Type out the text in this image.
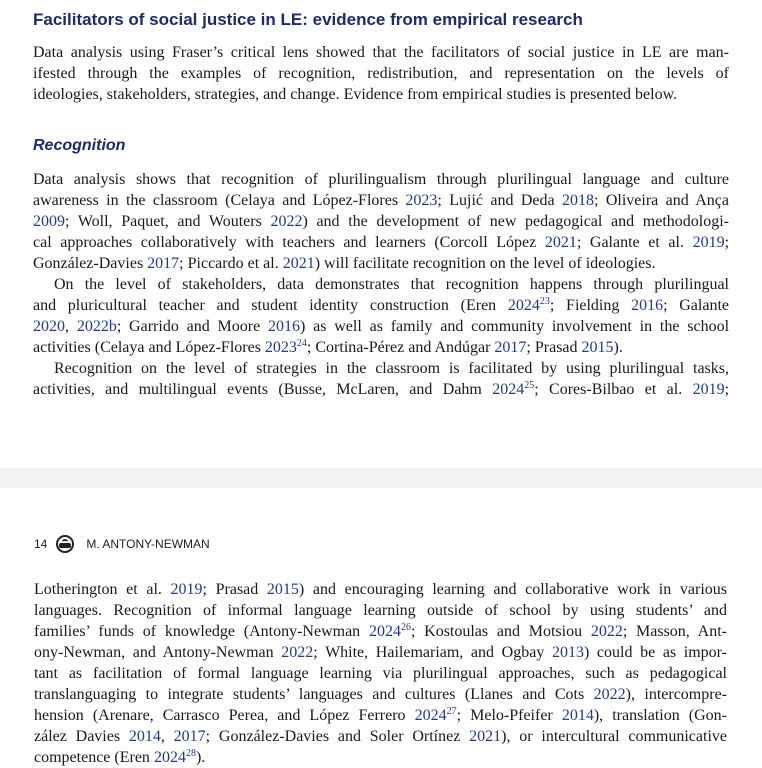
Facilitators of social justice in LE: evidence from empirical research

Data analysis using Fraser’s critical lens showed that the facilitators of social justice in LE are man-
ifested through the examples of recognition, redistribution, and representation on the levels of
ideologies, stakeholders, strategies, and change. Evidence from empirical studies is presented below.

Recognition

Data analysis shows that recognition of plurilingualism through plurilingual language and culture
awareness in the classroom (Celaya and López-Flores 2023; Lujić and Deda 2018; Oliveira and Ança
2009; Woll, Paquet, and Wouters 2022) and the development of new pedagogical and methodologi-
cal approaches collaboratively with teachers and learners (Corcoll López 2021; Galante et al. 2019;
González-Davies 2017; Piccardo et al. 2021) will facilitate recognition on the level of ideologies.

On the level of stakeholders, data demonstrates that recognition happens through plurilingual
and pluricultural teacher and student identity construction (Eren 2024$^{23}$; Fielding 2016; Galante
2020, 2022b; Garrido and Moore 2016) as well as family and community involvement in the school
activities (Celaya and López-Flores 2023$^{24}$; Cortina-Pérez and Andúgar 2017; Prasad 2015).

Recognition on the level of strategies in the classroom is facilitated by using plurilingual tasks,
activities, and multilingual events (Busse, McLaren, and Dahm 2024$^{25}$; Cores-Bilbao et al. 2019;

14	M. ANTONY-NEWMAN

Lotherington et al. 2019; Prasad 2015) and encouraging learning and collaborative work in various
languages. Recognition of informal language learning outside of school by using students’ and
families’ funds of knowledge (Antony-Newman 2024$^{26}$; Kostoulas and Motsiou 2022; Masson, Ant-
ony-Newman, and Antony-Newman 2022; White, Hailemariam, and Ogbay 2013) could be as impor-
tant as facilitation of formal language learning via plurilingual approaches, such as pedagogical
translanguaging to integrate students’ languages and cultures (Llanes and Cots 2022), intercompre-
hension (Arenare, Carrasco Perea, and López Ferrero 2024$^{27}$; Melo-Pfeifer 2014), translation (Gon-
zález Davies 2014, 2017; González-Davies and Soler Ortínez 2021), or intercultural communicative
competence (Eren 2024$^{28}$).
